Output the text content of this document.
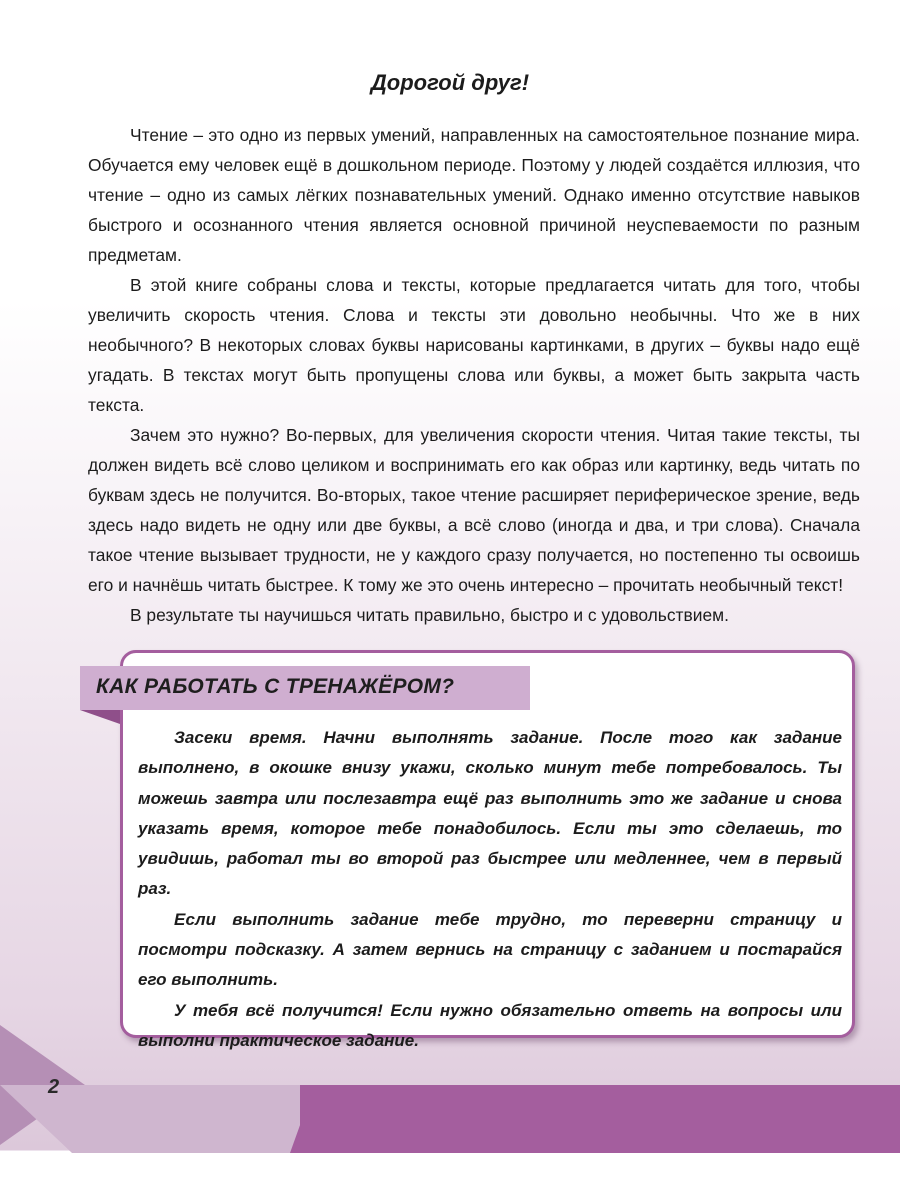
Дорогой друг!

Чтение – это одно из первых умений, направленных на самостоятельное познание мира. Обучается ему человек ещё в дошкольном периоде. Поэтому у людей создаётся иллюзия, что чтение – одно из самых лёгких познавательных умений. Однако именно отсутствие навыков быстрого и осознанного чтения является основной причиной неуспеваемости по разным предметам.

В этой книге собраны слова и тексты, которые предлагается читать для того, чтобы увеличить скорость чтения. Слова и тексты эти довольно необычны. Что же в них необычного? В некоторых словах буквы нарисованы картинками, в других – буквы надо ещё угадать. В текстах могут быть пропущены слова или буквы, а может быть закрыта часть текста.

Зачем это нужно? Во-первых, для увеличения скорости чтения. Читая такие тексты, ты должен видеть всё слово целиком и воспринимать его как образ или картинку, ведь читать по буквам здесь не получится. Во-вторых, такое чтение расширяет периферическое зрение, ведь здесь надо видеть не одну или две буквы, а всё слово (иногда и два, и три слова). Сначала такое чтение вызывает трудности, не у каждого сразу получается, но постепенно ты освоишь его и начнёшь читать быстрее. К тому же это очень интересно – прочитать необычный текст!

В результате ты научишься читать правильно, быстро и с удовольствием.

2
КАК РАБОТАТЬ С ТРЕНАЖЁРОМ?

Засеки время. Начни выполнять задание. После того как задание выполнено, в окошке внизу укажи, сколько минут тебе потребовалось. Ты можешь завтра или послезавтра ещё раз выполнить это же задание и снова указать время, которое тебе понадобилось. Если ты это сделаешь, то увидишь, работал ты во второй раз быстрее или медленнее, чем в первый раз.

Если выполнить задание тебе трудно, то переверни страницу и посмотри подсказку. А затем вернись на страницу с заданием и постарайся его выполнить.

У тебя всё получится! Если нужно обязательно ответь на вопросы или выполни практическое задание.
